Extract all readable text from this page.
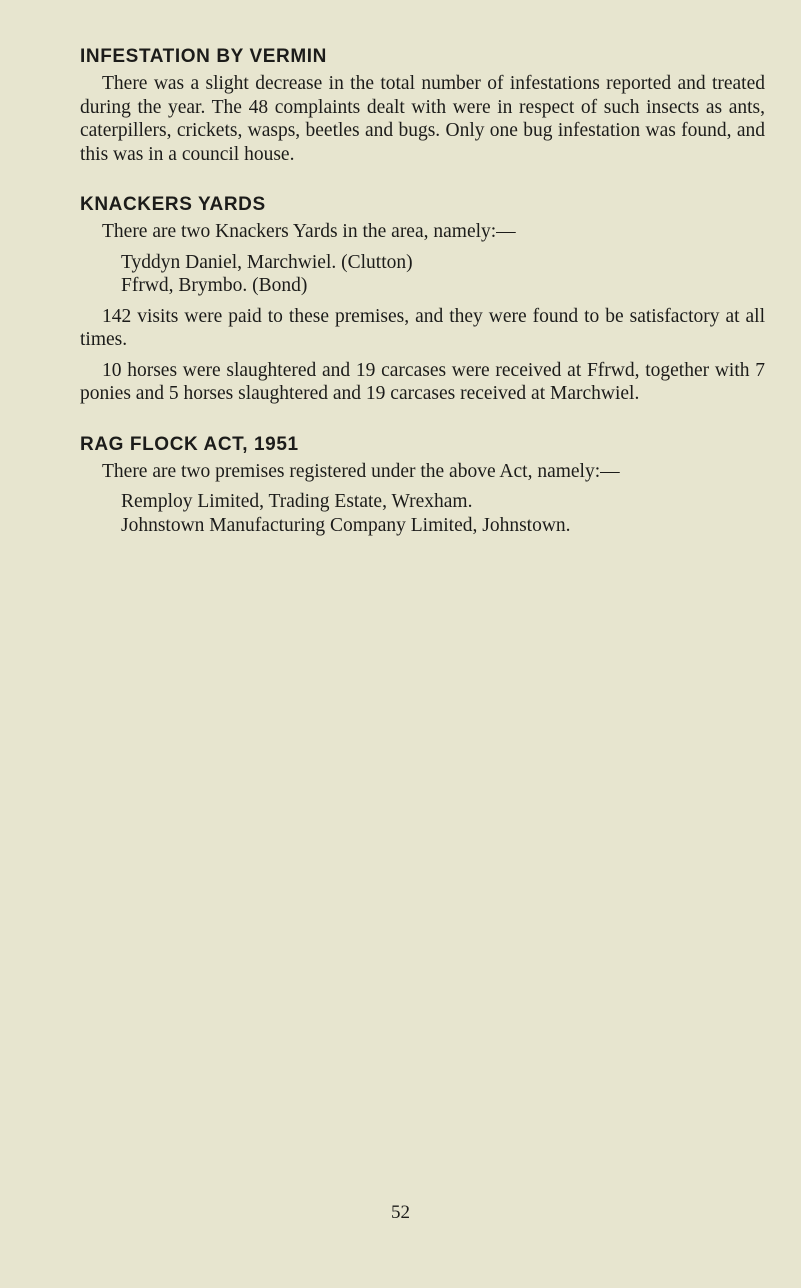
INFESTATION BY VERMIN

There was a slight decrease in the total number of infestations reported and treated during the year. The 48 complaints dealt with were in respect of such insects as ants, caterpillers, crickets, wasps, beetles and bugs. Only one bug infestation was found, and this was in a council house.

KNACKERS YARDS

There are two Knackers Yards in the area, namely:—

Tyddyn Daniel, Marchwiel. (Clutton)
Ffrwd, Brymbo. (Bond)

142 visits were paid to these premises, and they were found to be satisfactory at all times.

10 horses were slaughtered and 19 carcases were received at Ffrwd, together with 7 ponies and 5 horses slaughtered and 19 carcases received at Marchwiel.

RAG FLOCK ACT, 1951

There are two premises registered under the above Act, namely:—

Remploy Limited, Trading Estate, Wrexham.
Johnstown Manufacturing Company Limited, Johnstown.
52
